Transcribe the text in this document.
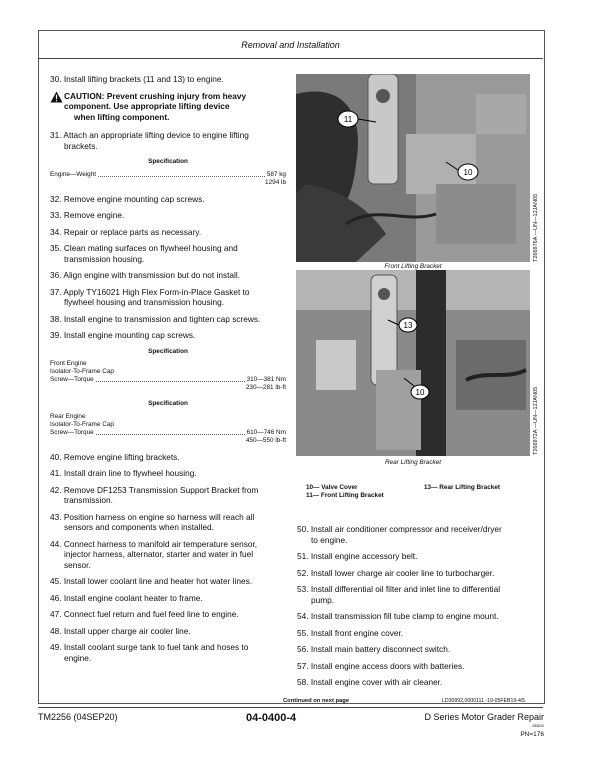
Removal and Installation
30. Install lifting brackets (11 and 13) to engine.
CAUTION: Prevent crushing injury from heavy
component. Use appropriate lifting device
when lifting component.
31. Attach an appropriate lifting device to engine lifting
brackets.
Specification
Engine—Weight	587 kg
1294 lb
32. Remove engine mounting cap screws.
33. Remove engine.
34. Repair or replace parts as necessary.
35. Clean mating surfaces on flywheel housing and
transmission housing.
36. Align engine with transmission but do not install.
37. Apply TY16021 High Flex Form-in-Place Gasket to
flywheel housing and transmission housing.
38. Install engine to transmission and tighten cap screws.
39. Install engine mounting cap screws.
Specification
Front Engine
Isolator-To-Frame Cap
Screw—Torque	310—381 Nm
230—281 lb-ft
Specification
Rear Engine
Isolator-To-Frame Cap
Screw—Torque	610—746 Nm
450—550 lb-ft
40. Remove engine lifting brackets.
41. Install drain line to flywheel housing.
42. Remove DF1253 Transmission Support Bracket from
transmission.
43. Position harness on engine so harness will reach all
sensors and components when installed.
44. Connect harness to manifold air temperature sensor,
injector harness, alternator, starter and water in fuel
sensor.
45. Install lower coolant line and heater hot water lines.
46. Install engine coolant heater to frame.
47. Connect fuel return and fuel feed line to engine.
48. Install upper charge air cooler line.
49. Install coolant surge tank to fuel tank and hoses to
engine.
11
10
Front Lifting Bracket
T266976A —UN—12JAN05
13
10
Rear Lifting Bracket
T266972A —UN—12JAN05
10— Valve Cover
11— Front Lifting Bracket
13— Rear Lifting Bracket
50. Install air conditioner compressor and receiver/dryer
to engine.
51. Install engine accessory belt.
52. Install lower charge air cooler line to turbocharger.
53. Install differential oil filter and inlet line to differential
pump.
54. Install transmission fill tube clamp to engine mount.
55. Install front engine cover.
56. Install main battery disconnect switch.
57. Install engine access doors with batteries.
58. Install engine cover with air cleaner.
Continued on next page	LD30992,0000111 -19-05FEB19-4/5
TM2256 (04SEP20)	04-0400-4	D Series Motor Grader Repair
060620
PN=176
